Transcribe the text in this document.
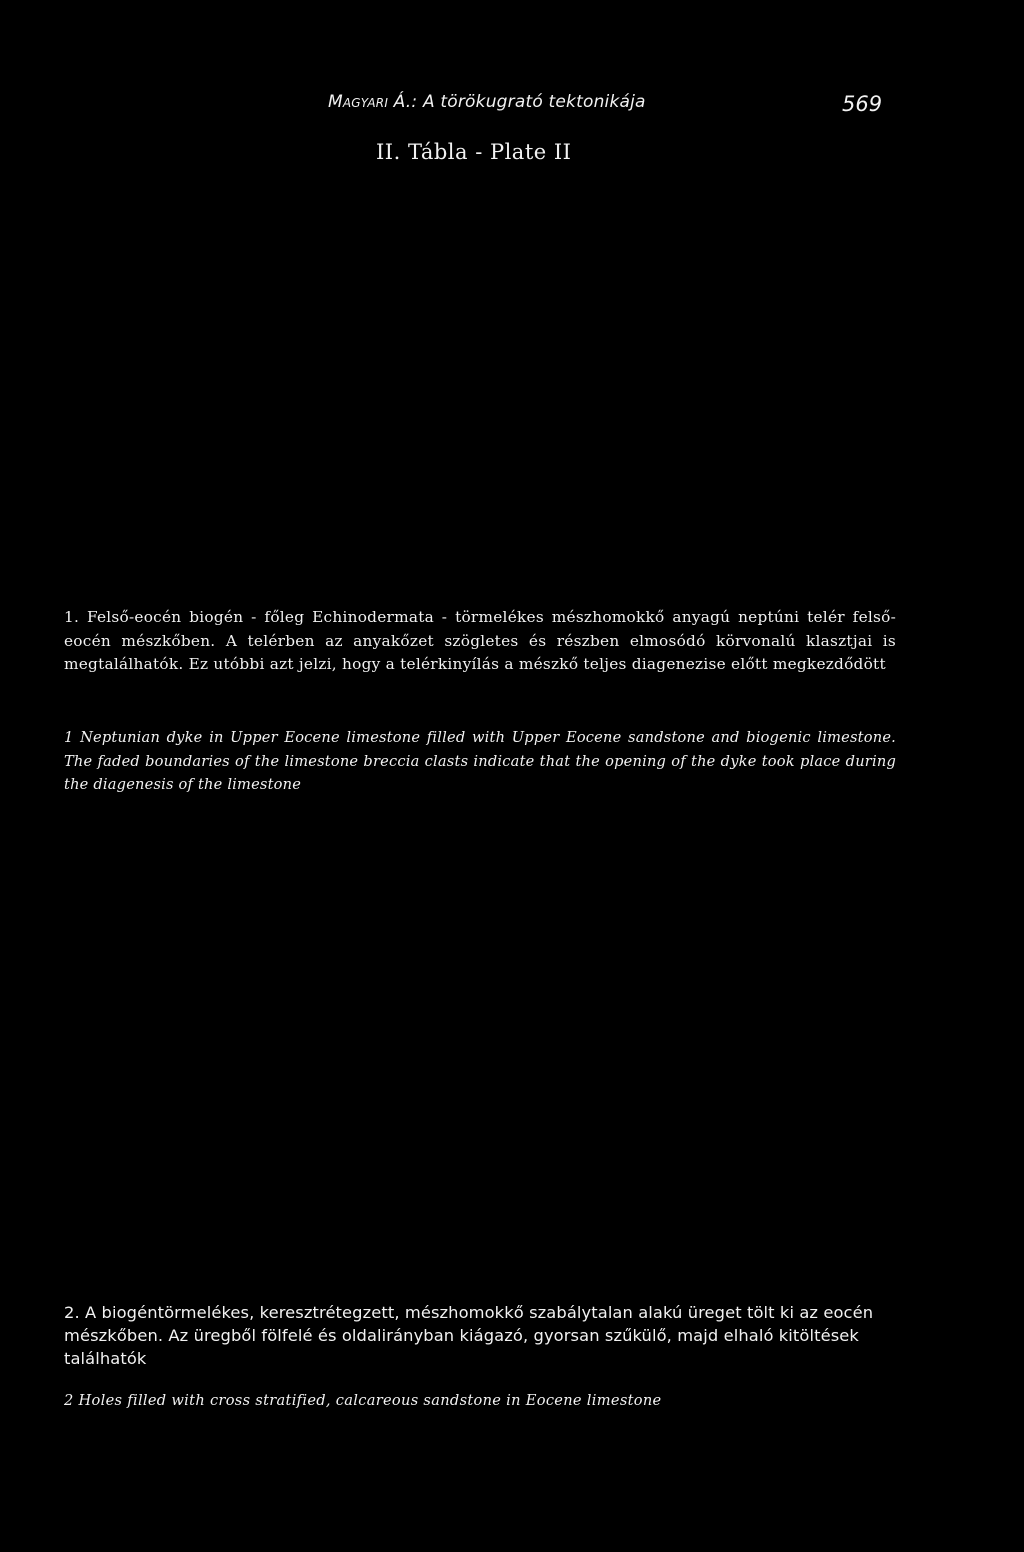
Magyari Á.: A törökugrató tektonikája	569
II. Tábla - Plate II

1. Felső-eocén biogén - főleg Echinodermata - törmelékes mészhomokkő anyagú neptúni telér felső-eocén mészkőben. A telérben az anyakőzet szögletes és részben elmosódó körvonalú klasztjai is megtalálhatók. Ez utóbbi azt jelzi, hogy a telérkinyílás a mészkő teljes diagenezise előtt megkezdődött

1 Neptunian dyke in Upper Eocene limestone filled with Upper Eocene sandstone and biogenic limestone. The faded boundaries of the limestone breccia clasts indicate that the opening of the dyke took place during the diagenesis of the limestone

2. A biogéntörmelékes, keresztrétegzett, mészhomokkő szabálytalan alakú üreget tölt ki az eocén mészkőben. Az üregből fölfelé és oldalirányban kiágazó, gyorsan szűkülő, majd elhaló kitöltések találhatók

2 Holes filled with cross stratified, calcareous sandstone in Eocene limestone
